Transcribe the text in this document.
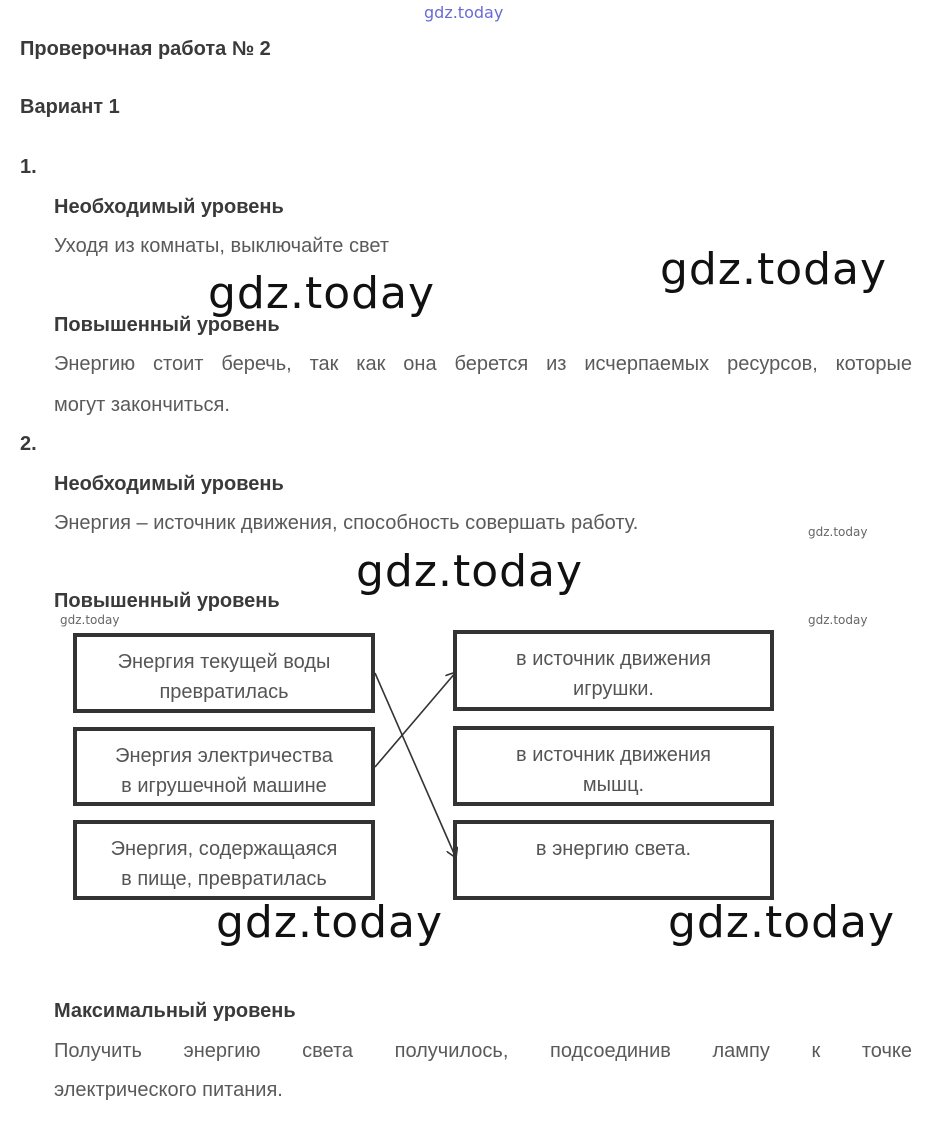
gdz.today
Проверочная работа № 2
Вариант 1
1.
Необходимый уровень
Уходя из комнаты, выключайте свет	gdz.today
gdz.today
Повышенный уровень
Энергию стоит беречь, так как она берется из исчерпаемых ресурсов, которые
могут закончиться.
2.
Необходимый уровень
Энергия – источник движения, способность совершать работу.	gdz.today
gdz.today
Повышенный уровень
gdz.today	gdz.today
Энергия текущей воды
превратилась
Энергия электричества
в игрушечной машине
Энергия, содержащаяся
в пище, превратилась
в источник движения
игрушки.
в источник движения
мышц.
в энергию света.
gdz.today	gdz.today
Максимальный уровень
Получить энергию света получилось, подсоединив лампу к точке
электрического питания.
